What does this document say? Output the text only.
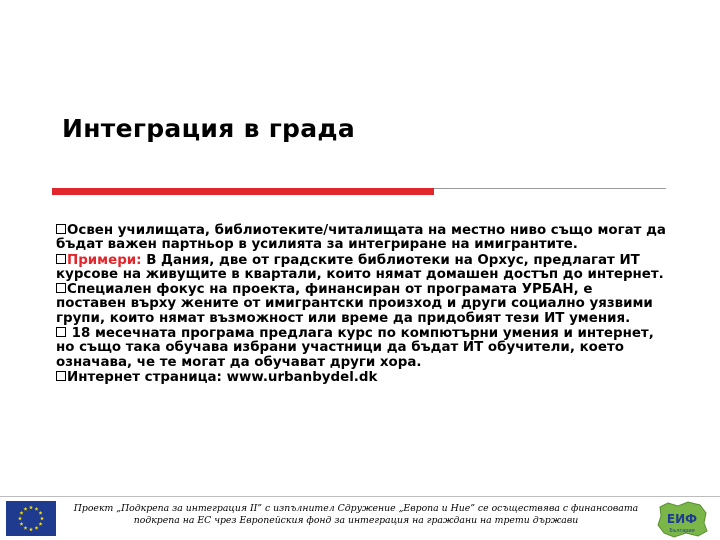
Интеграция в града

Освен училищата, библиотеките/читалищата на местно ниво също могат да бъдат важен партньор в усилията за интегриране на имигрантите.

Примери: В Дания, две от градските библиотеки на Орхус, предлагат ИТ курсове на живущите в квартали, които нямат домашен достъп до интернет.

Специален фокус на проекта, финансиран от програмата УРБАН, е поставен върху жените от имигрантски произход и други социално уязвими групи, които нямат възможност или време да придобият тези ИТ умения.

18 месечната програма предлага курс по компютърни умения и интернет, но също така обучава избрани участници да бъдат ИТ обучители, което означава, че те могат да обучават други хора.

Интернет страница: www.urbanbydel.dk

Проект „Подкрепа за интеграция II” с изпълнител Сдружение „Европа и Ние” се осъществява с финансовата подкрепа на ЕС чрез Европейския фонд за интеграция на граждани на трети държави	ЕИФ
България
